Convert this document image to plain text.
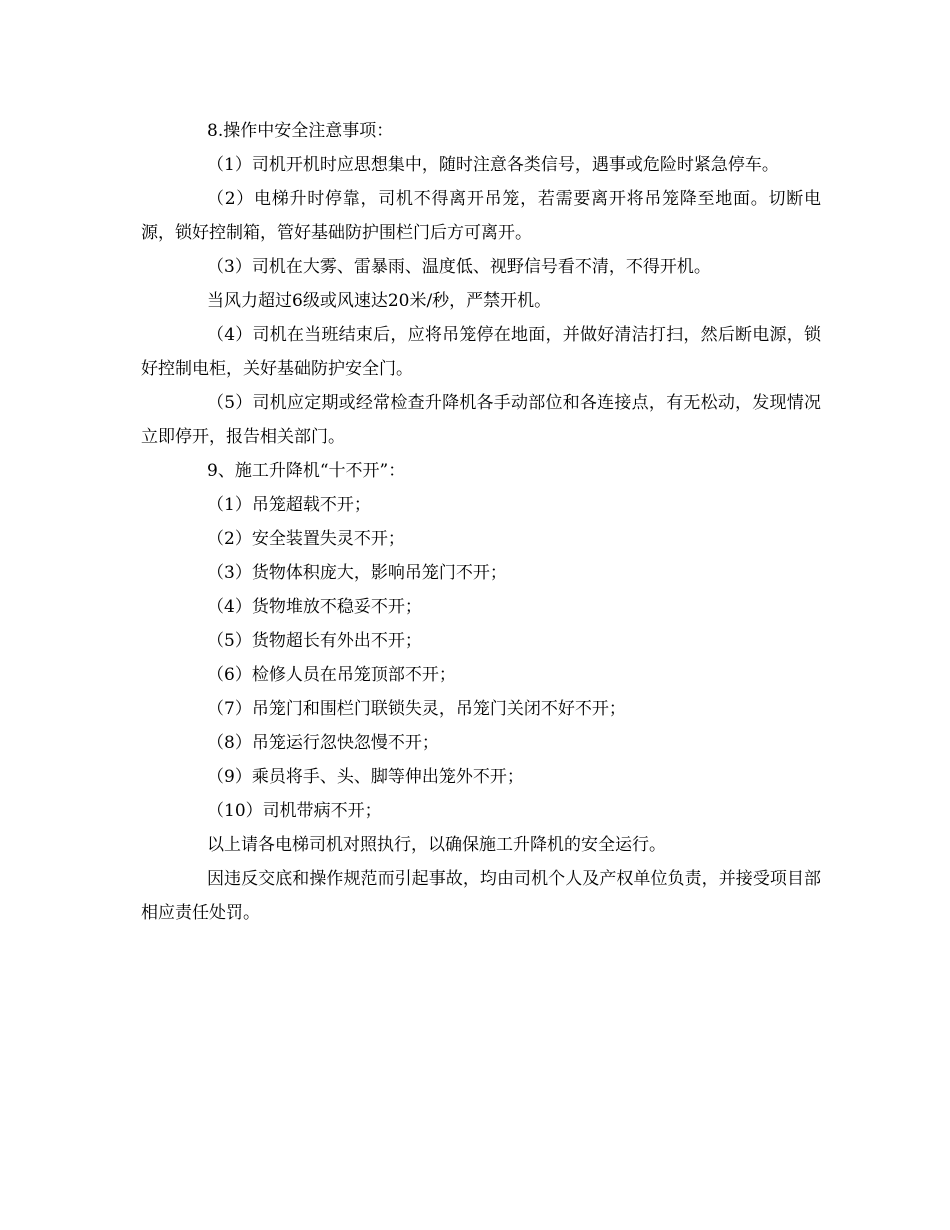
8.操作中安全注意事项：

（1）司机开机时应思想集中，随时注意各类信号，遇事或危险时紧急停车。

（2）电梯升时停靠，司机不得离开吊笼，若需要离开将吊笼降至地面。切断电源，锁好控制箱，管好基础防护围栏门后方可离开。

（3）司机在大雾、雷暴雨、温度低、视野信号看不清，不得开机。

当风力超过6级或风速达20米/秒，严禁开机。

（4）司机在当班结束后，应将吊笼停在地面，并做好清洁打扫，然后断电源，锁好控制电柜，关好基础防护安全门。

（5）司机应定期或经常检查升降机各手动部位和各连接点，有无松动，发现情况立即停开，报告相关部门。

9、施工升降机“十不开”：

（1）吊笼超载不开；

（2）安全装置失灵不开；

（3）货物体积庞大，影响吊笼门不开；

（4）货物堆放不稳妥不开；

（5）货物超长有外出不开；

（6）检修人员在吊笼顶部不开；

（7）吊笼门和围栏门联锁失灵，吊笼门关闭不好不开；

（8）吊笼运行忽快忽慢不开；

（9）乘员将手、头、脚等伸出笼外不开；

（10）司机带病不开；

以上请各电梯司机对照执行，以确保施工升降机的安全运行。

因违反交底和操作规范而引起事故，均由司机个人及产权单位负责，并接受项目部相应责任处罚。
